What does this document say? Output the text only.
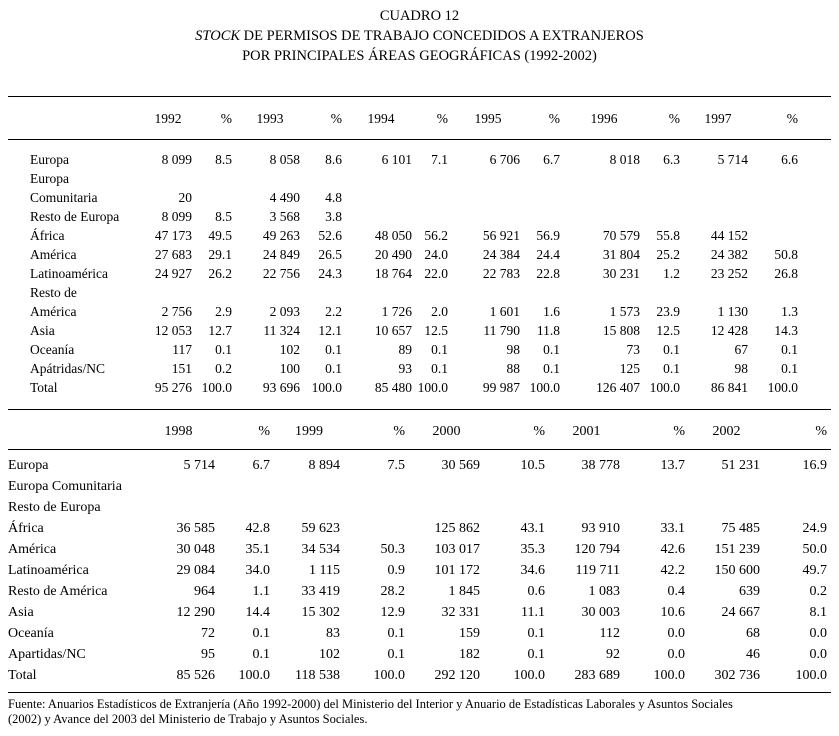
CUADRO 12
STOCK DE PERMISOS DE TRABAJO CONCEDIDOS A EXTRANJEROS
POR PRINCIPALES ÁREAS GEOGRÁFICAS (1992-2002)
	1992	%	1993	%	1994	%	1995	%	1996	%	1997	%	
Europa	8 099	8.5	8 058	8.6	6 101	7.1	6 706	6.7	8 018	6.3	5 714	6.6	
Europa
Comunitaria	20		4 490	4.8									
Resto de Europa	8 099	8.5	3 568	3.8									
África	47 173	49.5	49 263	52.6	48 050	56.2	56 921	56.9	70 579	55.8	44 152		
América	27 683	29.1	24 849	26.5	20 490	24.0	24 384	24.4	31 804	25.2	24 382	50.8	
Latinoamérica	24 927	26.2	22 756	24.3	18 764	22.0	22 783	22.8	30 231	1.2	23 252	26.8	
Resto de
América	2 756	2.9	2 093	2.2	1 726	2.0	1 601	1.6	1 573	23.9	1 130	1.3	
Asia	12 053	12.7	11 324	12.1	10 657	12.5	11 790	11.8	15 808	12.5	12 428	14.3	
Oceanía	117	0.1	102	0.1	89	0.1	98	0.1	73	0.1	67	0.1	
Apátridas/NC	151	0.2	100	0.1	93	0.1	88	0.1	125	0.1	98	0.1	
Total	95 276	100.0	93 696	100.0	85 480	100.0	99 987	100.0	126 407	100.0	86 841	100.0	
	1998	%	1999	%	2000	%	2001	%	2002	%
Europa	5 714	6.7	8 894	7.5	30 569	10.5	38 778	13.7	51 231	16.9
Europa Comunitaria										
Resto de Europa										
África	36 585	42.8	59 623		125 862	43.1	93 910	33.1	75 485	24.9
América	30 048	35.1	34 534	50.3	103 017	35.3	120 794	42.6	151 239	50.0
Latinoamérica	29 084	34.0	1 115	0.9	101 172	34.6	119 711	42.2	150 600	49.7
Resto de América	964	1.1	33 419	28.2	1 845	0.6	1 083	0.4	639	0.2
Asia	12 290	14.4	15 302	12.9	32 331	11.1	30 003	10.6	24 667	8.1
Oceanía	72	0.1	83	0.1	159	0.1	112	0.0	68	0.0
Apartidas/NC	95	0.1	102	0.1	182	0.1	92	0.0	46	0.0
Total	85 526	100.0	118 538	100.0	292 120	100.0	283 689	100.0	302 736	100.0
Fuente: Anuarios Estadísticos de Extranjería (Año 1992-2000) del Ministerio del Interior y Anuario de Estadísticas Laborales y Asuntos Sociales
(2002) y Avance del 2003 del Ministerio de Trabajo y Asuntos Sociales.
